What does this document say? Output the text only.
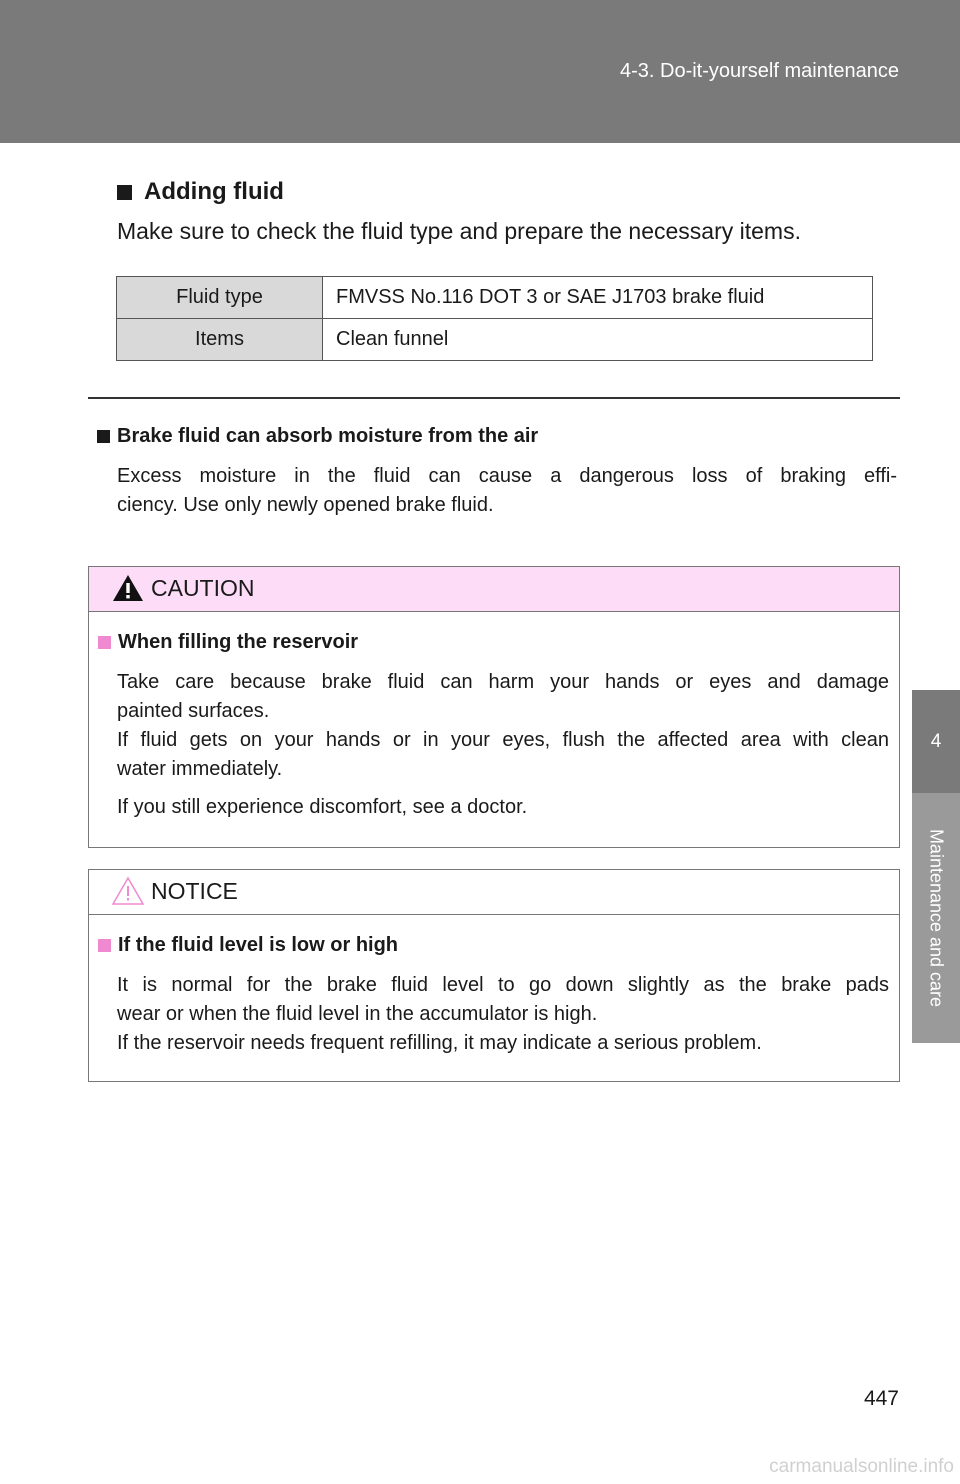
4-3. Do-it-yourself maintenance
4
Maintenance and care
Adding fluid
Make sure to check the fluid type and prepare the necessary items.
Fluid type	FMVSS No.116 DOT 3 or SAE J1703 brake fluid
Items	Clean funnel
Brake fluid can absorb moisture from the air
Excess moisture in the fluid can cause a dangerous loss of braking effi-
ciency. Use only newly opened brake fluid.
CAUTION
When filling the reservoir
Take care because brake fluid can harm your hands or eyes and damage
painted surfaces.
If fluid gets on your hands or in your eyes, flush the affected area with clean
water immediately.
If you still experience discomfort, see a doctor.
NOTICE
If the fluid level is low or high
It is normal for the brake fluid level to go down slightly as the brake pads
wear or when the fluid level in the accumulator is high.
If the reservoir needs frequent refilling, it may indicate a serious problem.
447
carmanualsonline.info
